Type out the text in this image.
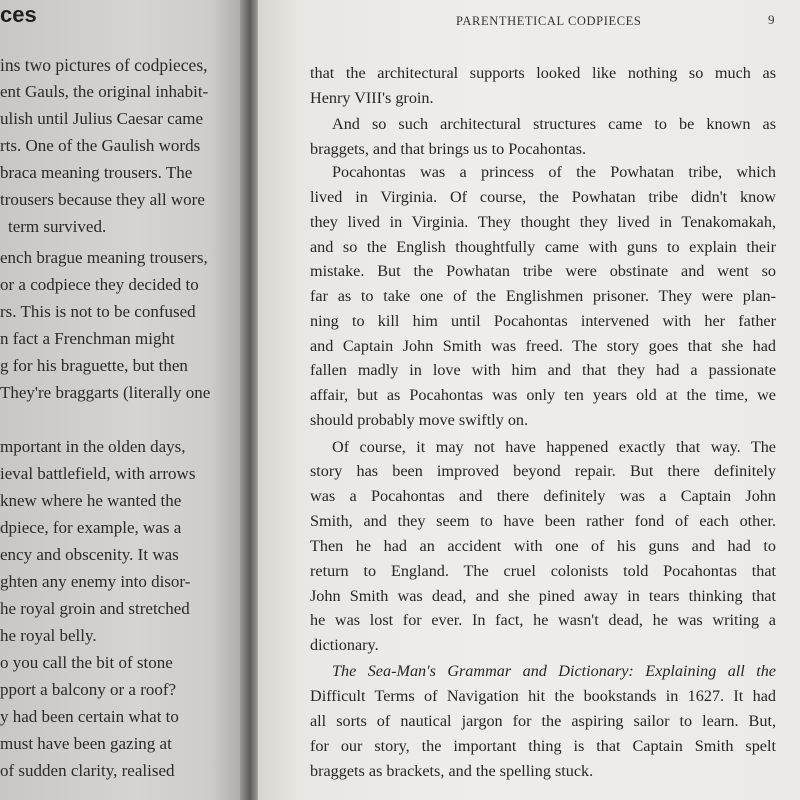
ces
ins two pictures of codpieces,
ent Gauls, the original inhabit-
ulish until Julius Caesar came
rts. One of the Gaulish words
braca meaning trousers. The
trousers because they all wore
term survived.
ench brague meaning trousers,
or a codpiece they decided to
rs. This is not to be confused
n fact a Frenchman might
g for his braguette, but then
They're braggarts (literally one
mportant in the olden days,
ieval battlefield, with arrows
knew where he wanted the
dpiece, for example, was a
ency and obscenity. It was
ghten any enemy into disor-
he royal groin and stretched
he royal belly.
o you call the bit of stone
pport a balcony or a roof?
y had been certain what to
must have been gazing at
of sudden clarity, realised
PARENTHETICAL CODPIECES	9
that the architectural supports looked like nothing so much as
Henry VIII's groin.
And so such architectural structures came to be known as
braggets, and that brings us to Pocahontas.
Pocahontas was a princess of the Powhatan tribe, which
lived in Virginia. Of course, the Powhatan tribe didn't know
they lived in Virginia. They thought they lived in Tenakomakah,
and so the English thoughtfully came with guns to explain their
mistake. But the Powhatan tribe were obstinate and went so
far as to take one of the Englishmen prisoner. They were plan-
ning to kill him until Pocahontas intervened with her father
and Captain John Smith was freed. The story goes that she had
fallen madly in love with him and that they had a passionate
affair, but as Pocahontas was only ten years old at the time, we
should probably move swiftly on.
Of course, it may not have happened exactly that way. The
story has been improved beyond repair. But there definitely
was a Pocahontas and there definitely was a Captain John
Smith, and they seem to have been rather fond of each other.
Then he had an accident with one of his guns and had to
return to England. The cruel colonists told Pocahontas that
John Smith was dead, and she pined away in tears thinking that
he was lost for ever. In fact, he wasn't dead, he was writing a
dictionary.
The Sea-Man's Grammar and Dictionary: Explaining all the
Difficult Terms of Navigation hit the bookstands in 1627. It had
all sorts of nautical jargon for the aspiring sailor to learn. But,
for our story, the important thing is that Captain Smith spelt
braggets as brackets, and the spelling stuck.
